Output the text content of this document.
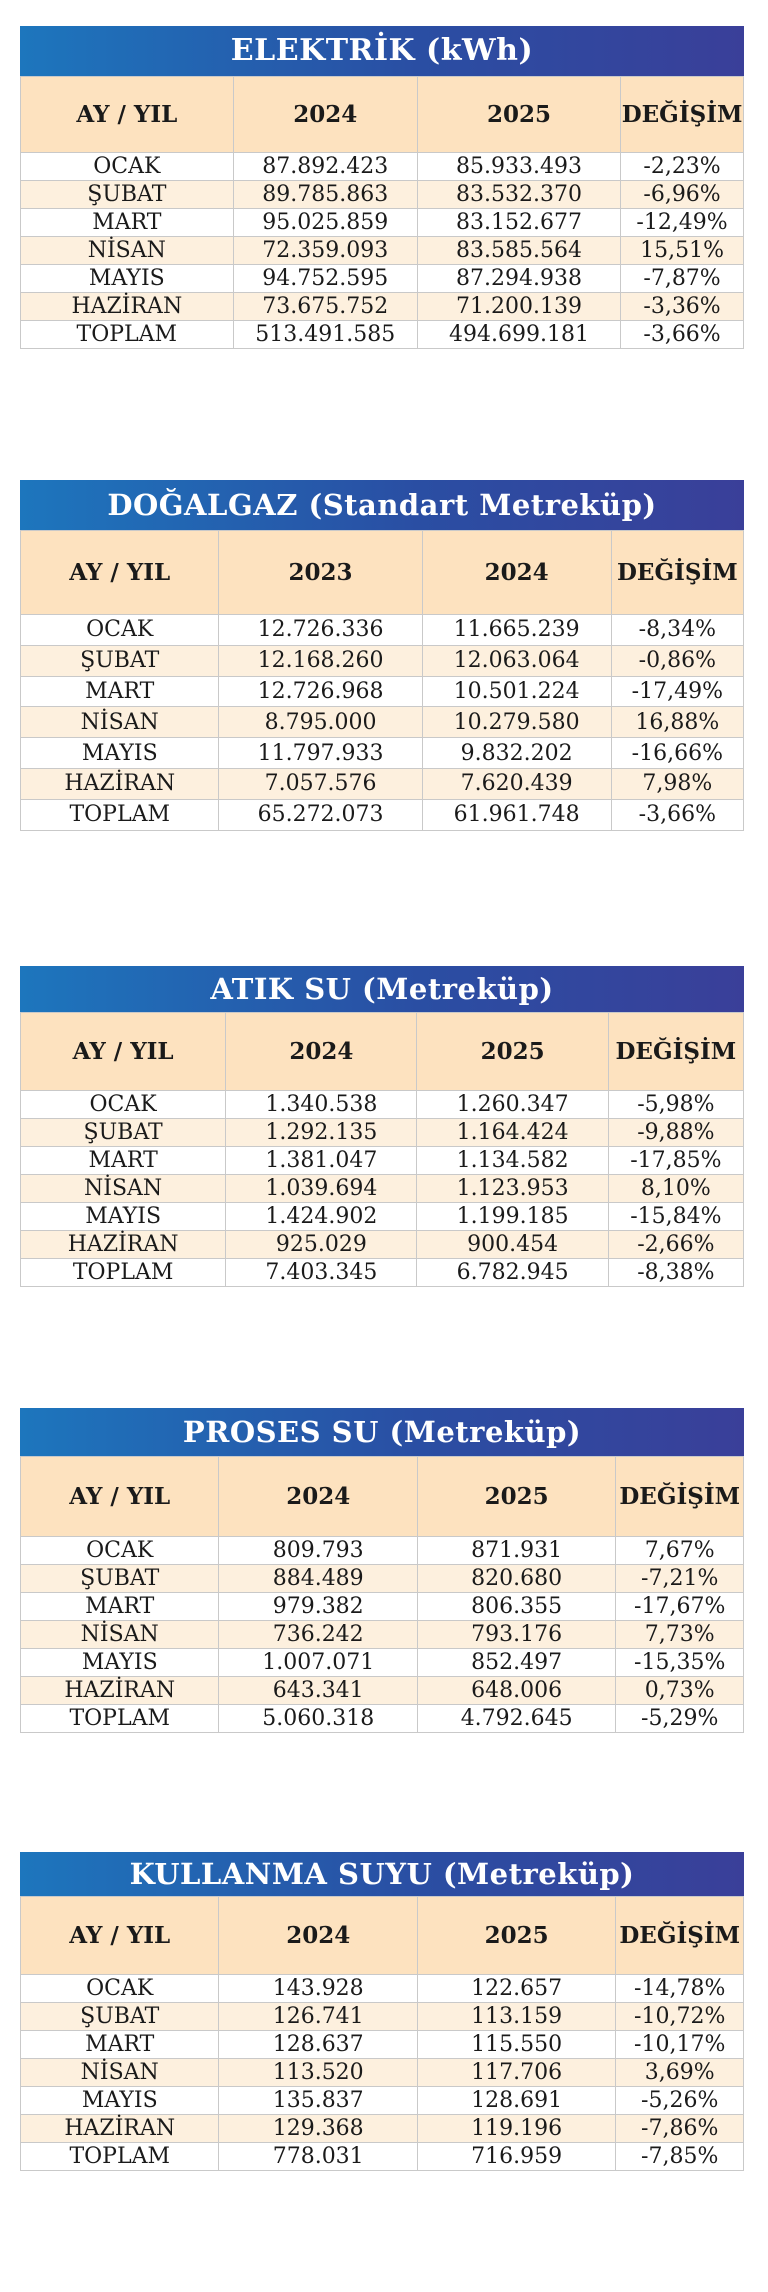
ELEKTRİK (kWh)
AY / YIL	2024	2025	DEĞİŞİM
OCAK	87.892.423	85.933.493	-2,23%
ŞUBAT	89.785.863	83.532.370	-6,96%
MART	95.025.859	83.152.677	-12,49%
NİSAN	72.359.093	83.585.564	15,51%
MAYIS	94.752.595	87.294.938	-7,87%
HAZİRAN	73.675.752	71.200.139	-3,36%
TOPLAM	513.491.585	494.699.181	-3,66%
DOĞALGAZ (Standart Metreküp)
AY / YIL	2023	2024	DEĞİŞİM
OCAK	12.726.336	11.665.239	-8,34%
ŞUBAT	12.168.260	12.063.064	-0,86%
MART	12.726.968	10.501.224	-17,49%
NİSAN	8.795.000	10.279.580	16,88%
MAYIS	11.797.933	9.832.202	-16,66%
HAZİRAN	7.057.576	7.620.439	7,98%
TOPLAM	65.272.073	61.961.748	-3,66%
ATIK SU (Metreküp)
AY / YIL	2024	2025	DEĞİŞİM
OCAK	1.340.538	1.260.347	-5,98%
ŞUBAT	1.292.135	1.164.424	-9,88%
MART	1.381.047	1.134.582	-17,85%
NİSAN	1.039.694	1.123.953	8,10%
MAYIS	1.424.902	1.199.185	-15,84%
HAZİRAN	925.029	900.454	-2,66%
TOPLAM	7.403.345	6.782.945	-8,38%
PROSES SU (Metreküp)
AY / YIL	2024	2025	DEĞİŞİM
OCAK	809.793	871.931	7,67%
ŞUBAT	884.489	820.680	-7,21%
MART	979.382	806.355	-17,67%
NİSAN	736.242	793.176	7,73%
MAYIS	1.007.071	852.497	-15,35%
HAZİRAN	643.341	648.006	0,73%
TOPLAM	5.060.318	4.792.645	-5,29%
KULLANMA SUYU (Metreküp)
AY / YIL	2024	2025	DEĞİŞİM
OCAK	143.928	122.657	-14,78%
ŞUBAT	126.741	113.159	-10,72%
MART	128.637	115.550	-10,17%
NİSAN	113.520	117.706	3,69%
MAYIS	135.837	128.691	-5,26%
HAZİRAN	129.368	119.196	-7,86%
TOPLAM	778.031	716.959	-7,85%
